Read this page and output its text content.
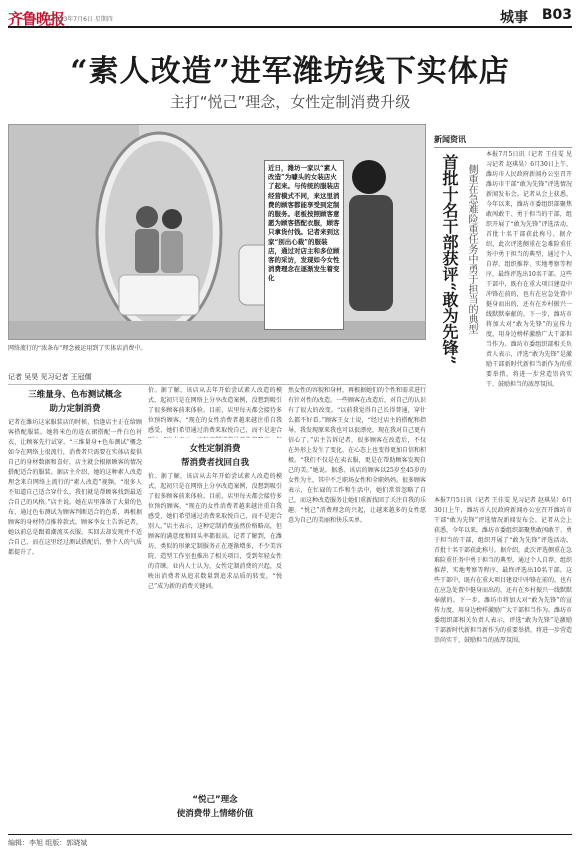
齐鲁晚报
2023年7月6日 星期四	城事 B03
“素人改造”进军潍坊线下实体店
主打“悦己”理念，女性定制消费升级
近日，潍坊一家以“素人改造”为噱头的女装店火了起来。与传统的服装店经营模式不同，来这里消费的顾客都能享受到定制的服务。老板按照顾客意愿为顾客搭配衣服，顾客只拿货付钱。记者来到这家“别出心裁”的服装店，通过对店主和多位顾客的采访，发现如今女性消费理念在逐渐发生着变化
网络流行的“浓条布”理念被运用到了实体店消费中。
记者 吴昊 见习记者 王冠儒
三维量身、色布测试概念
助力定制消费
记者在潍坊这家服装店的时候，恰逢店主正在给顾客搭配服装。她将米色的连衣裙搭配一件白色衬衣，让顾客先行试穿。“三维量身+色布测试”概念如今在网络上很流行，消费者只需要在实体店提供自己的身材数据和喜好，店主就会根据顾客的情况搭配适合的服装。据店主介绍，她的这种素人改造理念来自网络上流行的“素人改造”视频。“很多人不知道自己适合穿什么，我们就是帮顾客找到最适合自己的风格。”店主说。她在店里准备了大量的色布，通过色布测试为顾客判断适合的色系，再根据顾客的身材特点推荐款式。顾客李女士告诉记者，她以前总是跟着潮流买衣服，买回去却发现并不适合自己，而在这里经过测试搭配后，整个人的气质都提升了。
价。据了解，该店从去年开始尝试素人改造的模式，起初只是在网络上分享改造案例，没想到吸引了很多顾客前来体验。目前，店里每天都会接待多位预约顾客。“现在的女性消费者越来越注重自我感受，她们希望通过消费来取悦自己，而不是迎合
女性定制消费
帮消费者找回自我
价。据了解，该店从去年开始尝试素人改造的模式，起初只是在网络上分享改造案例，没想到吸引了很多顾客前来体验。目前，店里每天都会接待多位预约顾客。“现在的女性消费者越来越注重自我感受，她们希望通过消费来取悦自己，而不是迎合别人。”店主表示，这种定制消费虽然价格略高，但顾客的满意度和回头率都很高。记者了解到，在潍坊，类似的形象定制服务正在逐渐增多，不少美容院、造型工作室也推出了相关项目，受到年轻女性的青睐。业内人士认为，女性定制消费的兴起，反映出消费者从追求数量到追求品质的转变，“悦己”成为新的消费关键词。
“悦己”理念
使消费带上情绪价值
然女性的容貌和身材，再根据她们的个性和需求进行有针对性的改造。一些顾客在改造后，对自己的认识有了很大的改变。“以前我觉得自己长得普通，穿什么都不好看。”顾客王女士说，“经过店主的搭配和指导，我发现原来我也可以很漂亮，现在我对自己更有信心了。”店主告诉记者，很多顾客在改造后，不仅在外形上发生了变化，在心态上也变得更加自信和积极。“我们不仅是在卖衣服，更是在帮助顾客发现自己的美。”她说。据悉，该店的顾客以25岁至45岁的女性为主，其中不乏职场女性和全职妈妈。很多顾客表示，在忙碌的工作和生活中，她们常常忽略了自己，而这种改造服务让她们重新找回了关注自我的乐趣。“悦己”消费理念的兴起，让越来越多的女性愿意为自己的美丽和快乐买单。
新闻资讯
首批十名干部获评“敢为先锋” 侧重在急难险重任务中勇于担当的典型
本报7月5日讯（记者 王佳雯 见习记者 赵琪昊）6月30日上午，潍坊市人民政府新闻办公室召开潍坊市干部“敢为先锋”评选情况新闻发布会。记者从会上获悉，今年以来，潍坊市委组织部聚焦敢闯敢干、勇于担当的干部，组织开展了“敢为先锋”评选活动，首批十名干部获此称号。据介绍，此次评选侧重在急难险重任务中勇于担当的典型，通过个人自荐、组织推荐、实地考察等程序，最终评选出10名干部。这些干部中，既有在重大项目建设中冲锋在前的，也有在应急处置中挺身而出的，还有在乡村振兴一线默默奉献的。下一步，潍坊市将加大对“敢为先锋”的宣传力度，用身边榜样激励广大干部担当作为。潍坊市委组织部相关负责人表示，评选“敢为先锋”是激励干部新时代新担当新作为的重要举措，将进一步营造崇尚实干、鼓励担当的浓厚氛围。
本报7月5日讯（记者 王佳雯 见习记者 赵琪昊）6月30日上午，潍坊市人民政府新闻办公室召开潍坊市干部“敢为先锋”评选情况新闻发布会。记者从会上获悉，今年以来，潍坊市委组织部聚焦敢闯敢干、勇于担当的干部，组织开展了“敢为先锋”评选活动，首批十名干部获此称号。据介绍，此次评选侧重在急难险重任务中勇于担当的典型，通过个人自荐、组织推荐、实地考察等程序，最终评选出10名干部。这些干部中，既有在重大项目建设中冲锋在前的，也有在应急处置中挺身而出的，还有在乡村振兴一线默默奉献的。下一步，潍坊市将加大对“敢为先锋”的宣传力度，用身边榜样激励广大干部担当作为。潍坊市委组织部相关负责人表示，评选“敢为先锋”是激励干部新时代新担当新作为的重要举措，将进一步营造崇尚实干、鼓励担当的浓厚氛围。
编辑：李旭 组版：郭晓斌
